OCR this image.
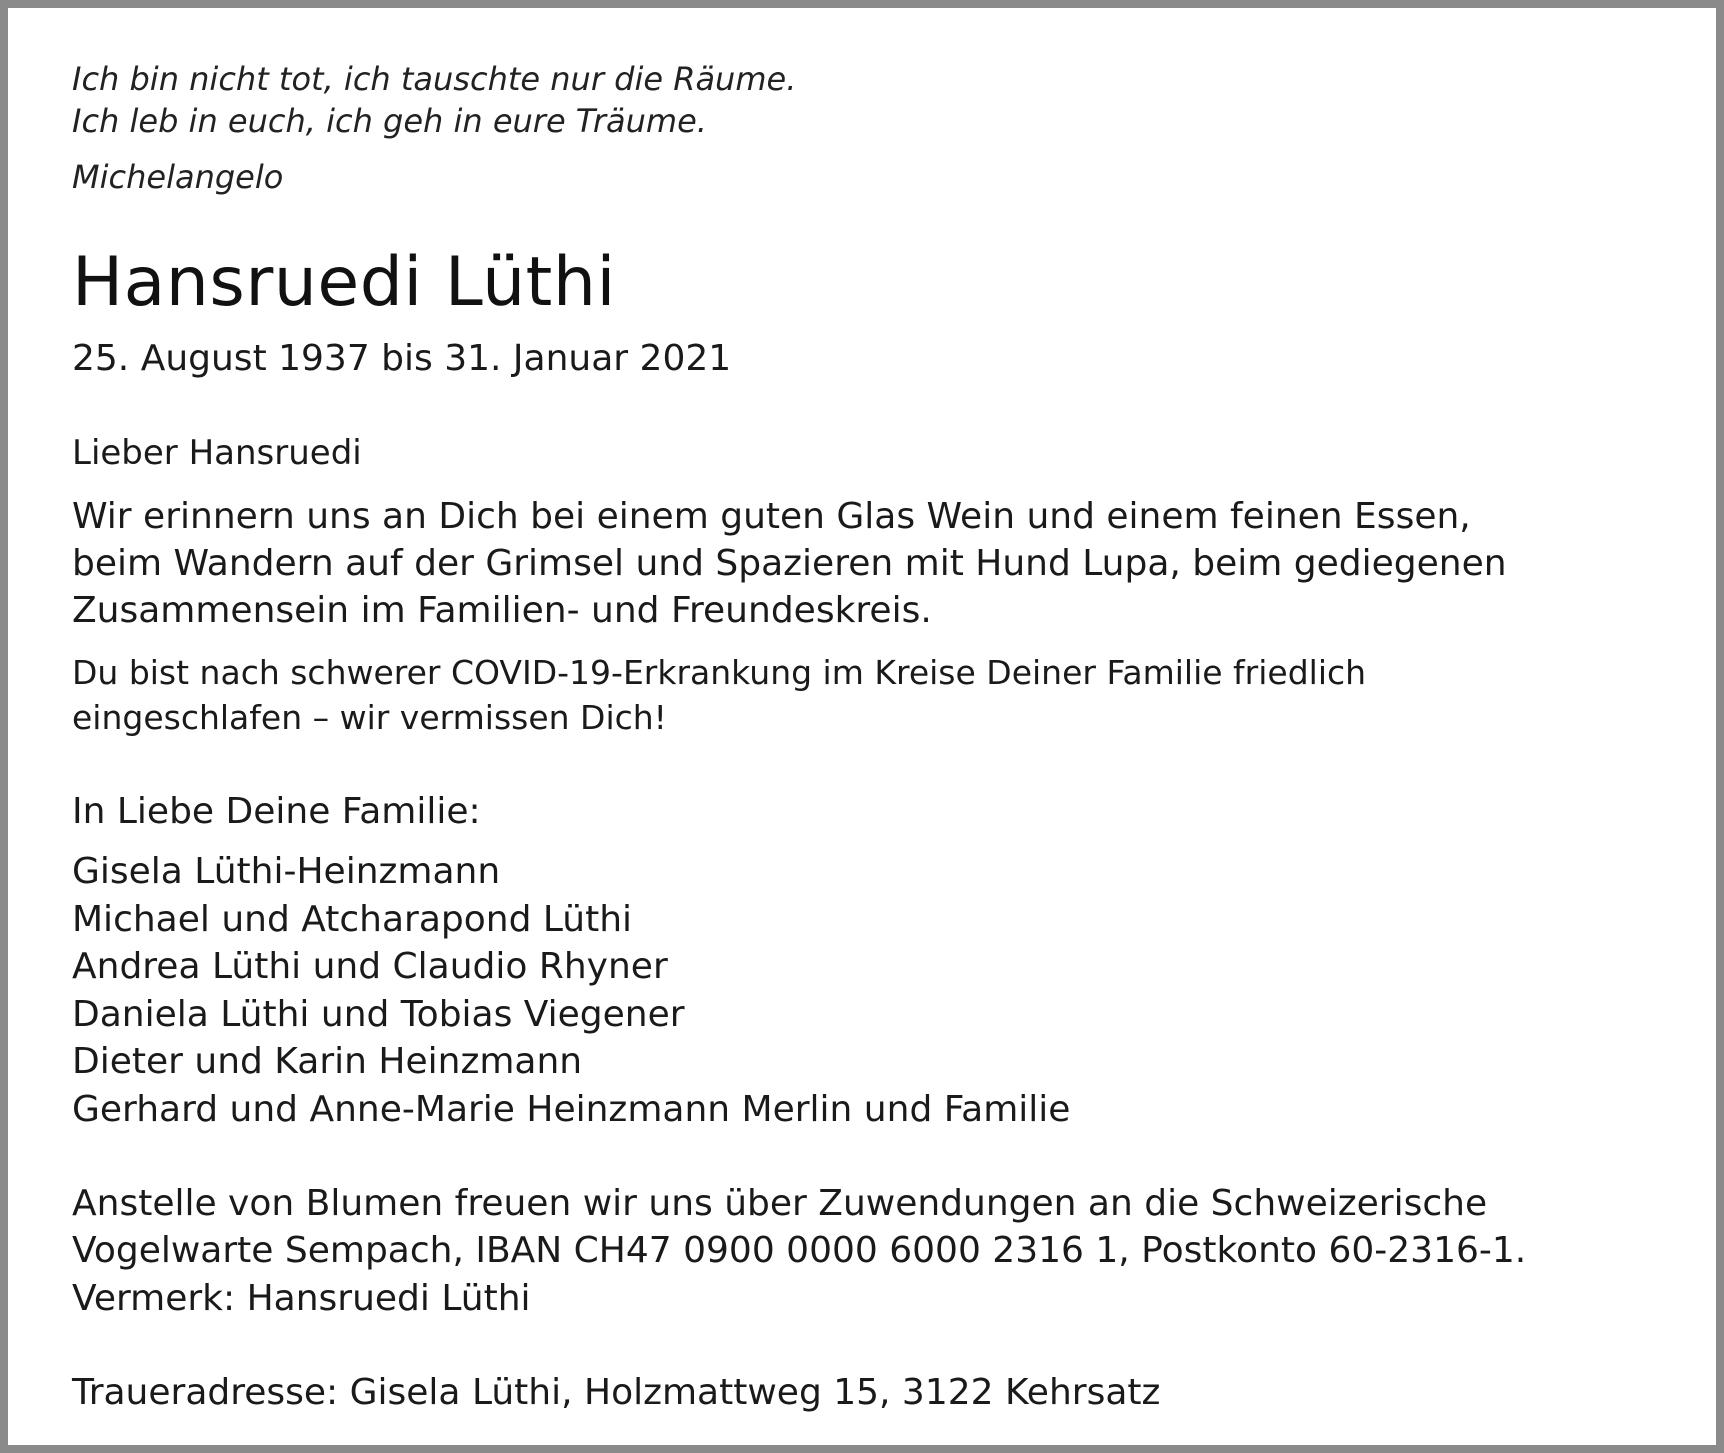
Ich bin nicht tot, ich tauschte nur die Räume.
Ich leb in euch, ich geh in eure Träume.
Michelangelo
Hansruedi Lüthi
25. August 1937 bis 31. Januar 2021
Lieber Hansruedi
Wir erinnern uns an Dich bei einem guten Glas Wein und einem feinen Essen,
beim Wandern auf der Grimsel und Spazieren mit Hund Lupa, beim gediegenen
Zusammensein im Familien- und Freundeskreis.
Du bist nach schwerer COVID-19-Erkrankung im Kreise Deiner Familie friedlich
eingeschlafen – wir vermissen Dich!
In Liebe Deine Familie:
Gisela Lüthi-Heinzmann
Michael und Atcharapond Lüthi
Andrea Lüthi und Claudio Rhyner
Daniela Lüthi und Tobias Viegener
Dieter und Karin Heinzmann
Gerhard und Anne-Marie Heinzmann Merlin und Familie
Anstelle von Blumen freuen wir uns über Zuwendungen an die Schweizerische
Vogelwarte Sempach, IBAN CH47 0900 0000 6000 2316 1, Postkonto 60-2316-1.
Vermerk: Hansruedi Lüthi
Traueradresse: Gisela Lüthi, Holzmattweg 15, 3122 Kehrsatz
